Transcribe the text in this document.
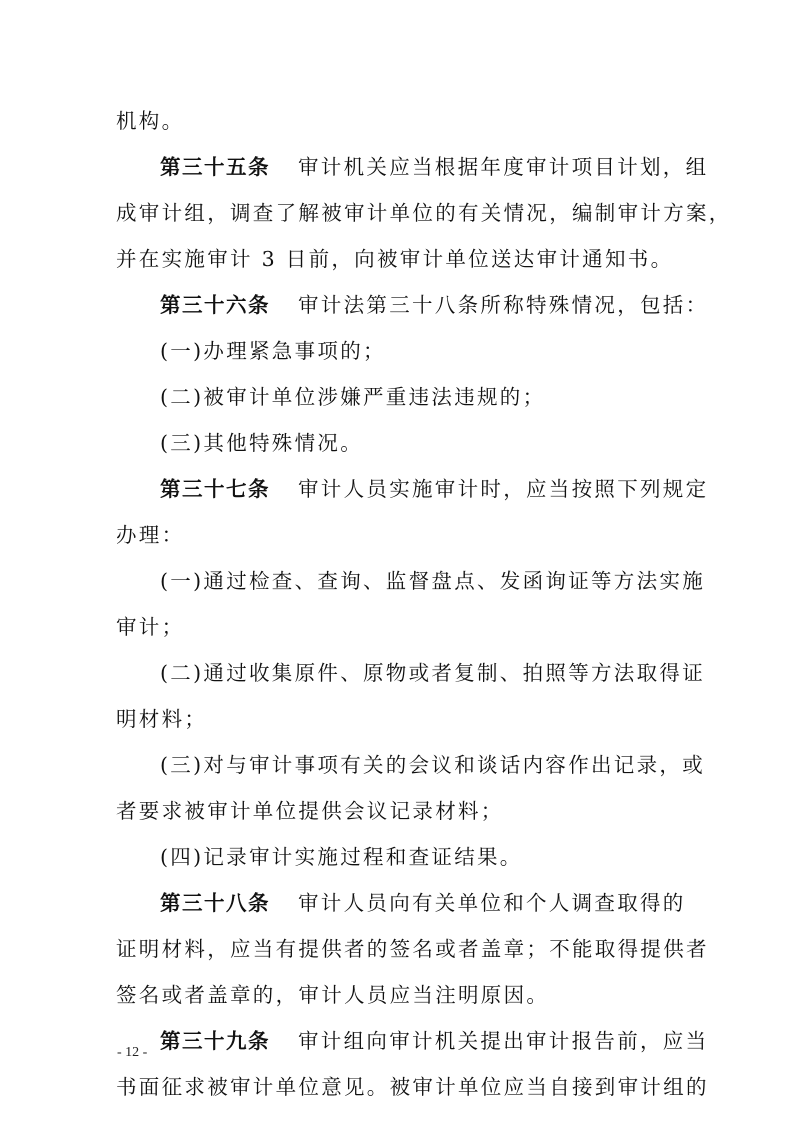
机构。

第三十五条 审计机关应当根据年度审计项目计划，组

成审计组，调查了解被审计单位的有关情况，编制审计方案，

并在实施审计 3 日前，向被审计单位送达审计通知书。

第三十六条 审计法第三十八条所称特殊情况，包括：

(一)办理紧急事项的；

(二)被审计单位涉嫌严重违法违规的；

(三)其他特殊情况。

第三十七条 审计人员实施审计时，应当按照下列规定

办理：

(一)通过检查、查询、监督盘点、发函询证等方法实施

审计；

(二)通过收集原件、原物或者复制、拍照等方法取得证

明材料；

(三)对与审计事项有关的会议和谈话内容作出记录，或

者要求被审计单位提供会议记录材料；

(四)记录审计实施过程和查证结果。

第三十八条 审计人员向有关单位和个人调查取得的

证明材料，应当有提供者的签名或者盖章；不能取得提供者

签名或者盖章的，审计人员应当注明原因。

第三十九条 审计组向审计机关提出审计报告前，应当

书面征求被审计单位意见。被审计单位应当自接到审计组的

- 12 -
